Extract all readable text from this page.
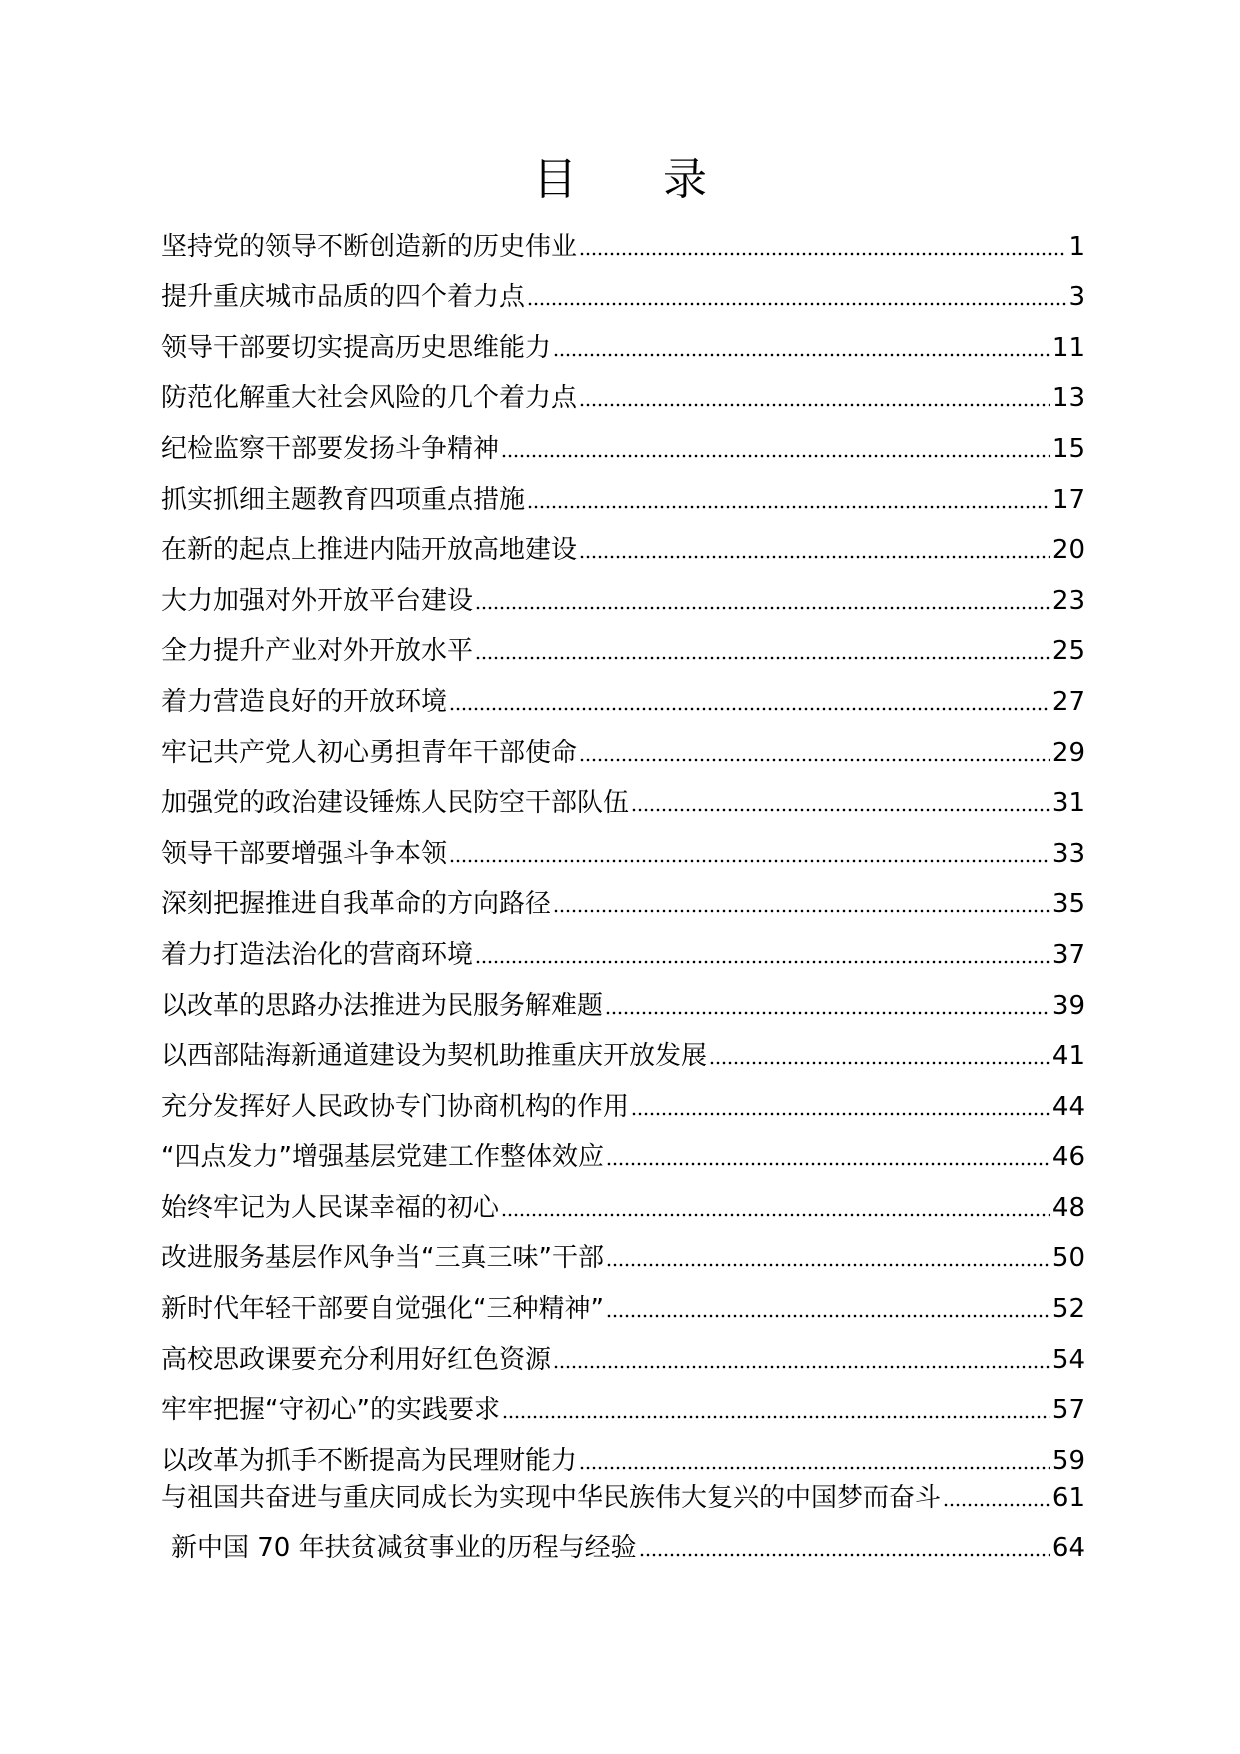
目 录
坚持党的领导不断创造新的历史伟业	1
提升重庆城市品质的四个着力点	3
领导干部要切实提高历史思维能力	11
防范化解重大社会风险的几个着力点	13
纪检监察干部要发扬斗争精神	15
抓实抓细主题教育四项重点措施	17
在新的起点上推进内陆开放高地建设	20
大力加强对外开放平台建设	23
全力提升产业对外开放水平	25
着力营造良好的开放环境	27
牢记共产党人初心勇担青年干部使命	29
加强党的政治建设锤炼人民防空干部队伍	31
领导干部要增强斗争本领	33
深刻把握推进自我革命的方向路径	35
着力打造法治化的营商环境	37
以改革的思路办法推进为民服务解难题	39
以西部陆海新通道建设为契机助推重庆开放发展	41
充分发挥好人民政协专门协商机构的作用	44
“四点发力”增强基层党建工作整体效应	46
始终牢记为人民谋幸福的初心	48
改进服务基层作风争当“三真三味”干部	50
新时代年轻干部要自觉强化“三种精神”	52
高校思政课要充分利用好红色资源	54
牢牢把握“守初心”的实践要求	57
以改革为抓手不断提高为民理财能力	59
与祖国共奋进与重庆同成长为实现中华民族伟大复兴的中国梦而奋斗	61
新中国 70 年扶贫减贫事业的历程与经验	64
